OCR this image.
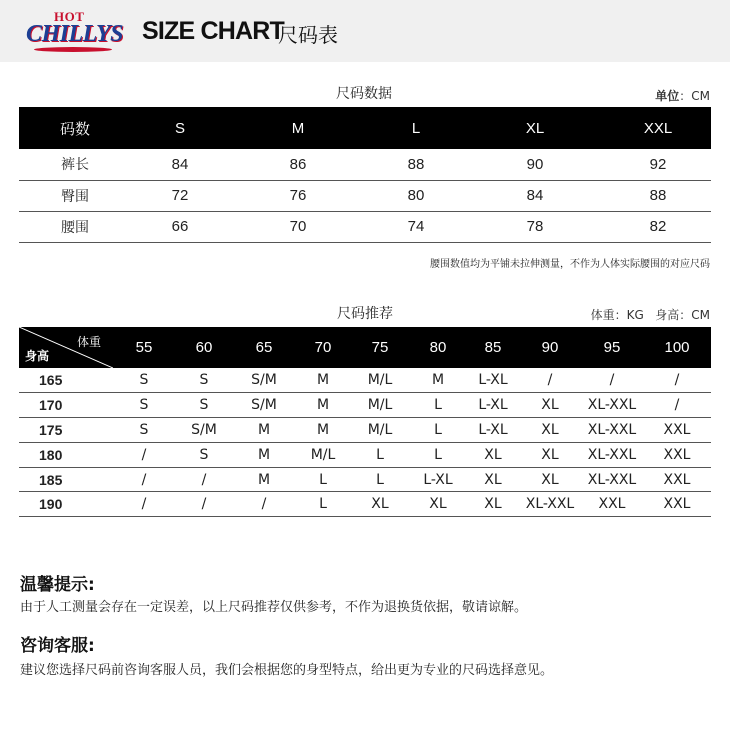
HOT
CHILLYS SIZE CHART
尺码表
尺码数据	单位：CM
码数	S	M	L	XL	XXL
裤长	84	86	88	90	92
臀围	72	76	80	84	88
腰围	66	70	74	78	82
腰围数值均为平铺未拉伸测量，不作为人体实际腰围的对应尺码
尺码推荐	体重：KG   身高：CM
体重
身高	55	60	65	70	75	80	85	90	95	100
165	S	S	S/M	M	M/L	M	L-XL	/	/	/
170	S	S	S/M	M	M/L	L	L-XL	XL	XL-XXL	/
175	S	S/M	M	M	M/L	L	L-XL	XL	XL-XXL	XXL
180	/	S	M	M/L	L	L	XL	XL	XL-XXL	XXL
185	/	/	M	L	L	L-XL	XL	XL	XL-XXL	XXL
190	/	/	/	L	XL	XL	XL	XL-XXL	XXL	XXL
温馨提示:
由于人工测量会存在一定误差，以上尺码推荐仅供参考，不作为退换货依据，敬请谅解。
咨询客服:
建议您选择尺码前咨询客服人员，我们会根据您的身型特点，给出更为专业的尺码选择意见。
